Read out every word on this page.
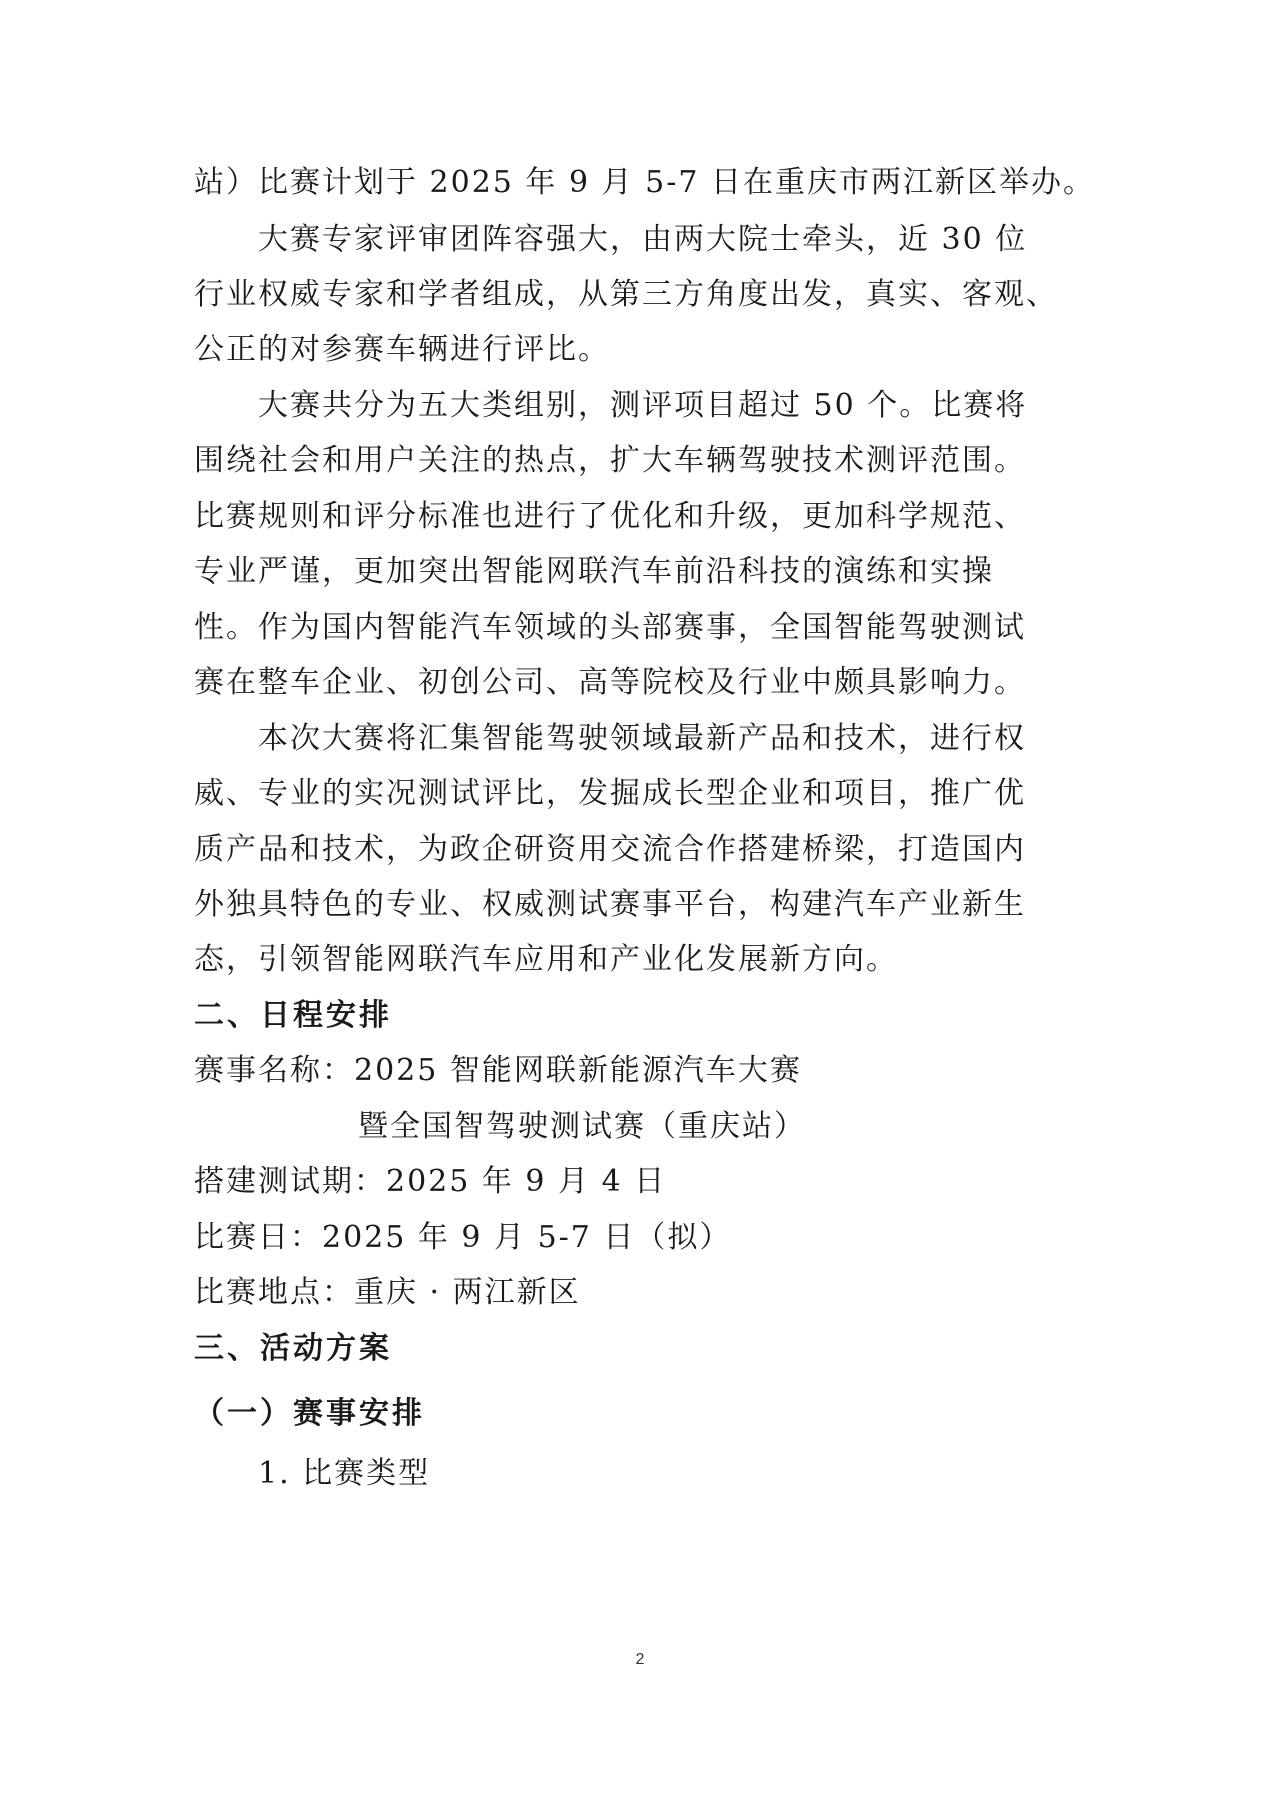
站）比赛计划于 2025 年 9 月 5-7 日在重庆市两江新区举办。
大赛专家评审团阵容强大，由两大院士牵头，近 30 位
行业权威专家和学者组成，从第三方角度出发，真实、客观、
公正的对参赛车辆进行评比。
大赛共分为五大类组别，测评项目超过 50 个。比赛将
围绕社会和用户关注的热点，扩大车辆驾驶技术测评范围。
比赛规则和评分标准也进行了优化和升级，更加科学规范、
专业严谨，更加突出智能网联汽车前沿科技的演练和实操
性。作为国内智能汽车领域的头部赛事，全国智能驾驶测试
赛在整车企业、初创公司、高等院校及行业中颇具影响力。
本次大赛将汇集智能驾驶领域最新产品和技术，进行权
威、专业的实况测试评比，发掘成长型企业和项目，推广优
质产品和技术，为政企研资用交流合作搭建桥梁，打造国内
外独具特色的专业、权威测试赛事平台，构建汽车产业新生
态，引领智能网联汽车应用和产业化发展新方向。
二、日程安排
赛事名称：2025 智能网联新能源汽车大赛
暨全国智驾驶测试赛（重庆站）
搭建测试期：2025 年 9 月 4 日
比赛日：2025 年 9 月 5-7 日（拟）
比赛地点：重庆 · 两江新区
三、活动方案
（一）赛事安排
1. 比赛类型
2
